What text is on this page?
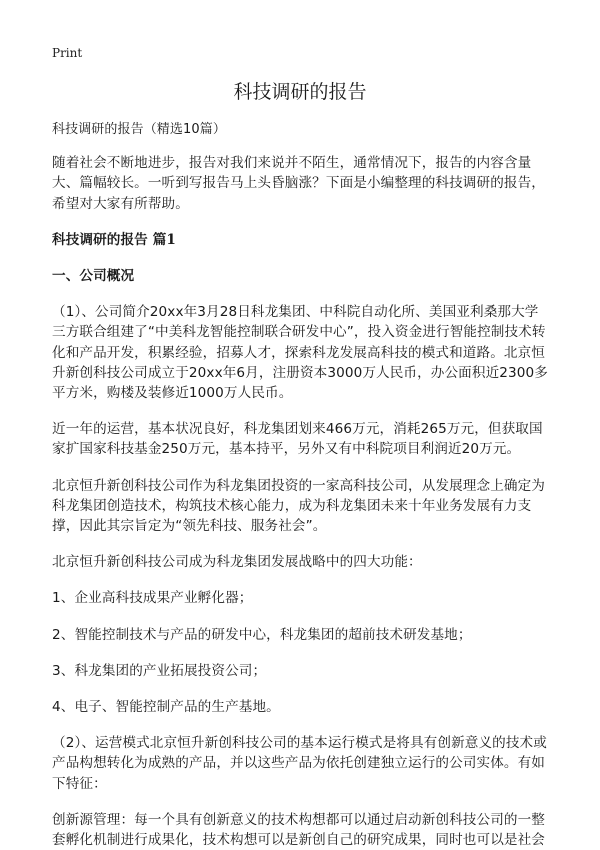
Print
科技调研的报告

科技调研的报告（精选10篇）

随着社会不断地进步，报告对我们来说并不陌生，通常情况下，报告的内容含量大、篇幅较长。一听到写报告马上头昏脑涨？下面是小编整理的科技调研的报告，希望对大家有所帮助。

科技调研的报告 篇1

一、公司概况

（1）、公司简介20xx年3月28日科龙集团、中科院自动化所、美国亚利桑那大学三方联合组建了“中美科龙智能控制联合研发中心”，投入资金进行智能控制技术转化和产品开发，积累经验，招募人才，探索科龙发展高科技的模式和道路。北京恒升新创科技公司成立于20xx年6月，注册资本3000万人民币，办公面积近2300多平方米，购楼及装修近1000万人民币。

近一年的运营，基本状况良好，科龙集团划来466万元，消耗265万元，但获取国家扩国家科技基金250万元，基本持平，另外又有中科院项目利润近20万元。

北京恒升新创科技公司作为科龙集团投资的一家高科技公司，从发展理念上确定为科龙集团创造技术，构筑技术核心能力，成为科龙集团未来十年业务发展有力支撑，因此其宗旨定为“领先科技、服务社会”。

北京恒升新创科技公司成为科龙集团发展战略中的四大功能：

1、企业高科技成果产业孵化器；

2、智能控制技术与产品的研发中心，科龙集团的超前技术研发基地；

3、科龙集团的产业拓展投资公司；

4、电子、智能控制产品的生产基地。

（2）、运营模式北京恒升新创科技公司的基本运行模式是将具有创新意义的技术或产品构想转化为成熟的产品，并以这些产品为依托创建独立运行的公司实体。有如下特征：

创新源管理：每一个具有创新意义的技术构想都可以通过启动新创科技公司的一整套孵化机制进行成果化，技术构想可以是新创自己的研究成果，同时也可以是社会
